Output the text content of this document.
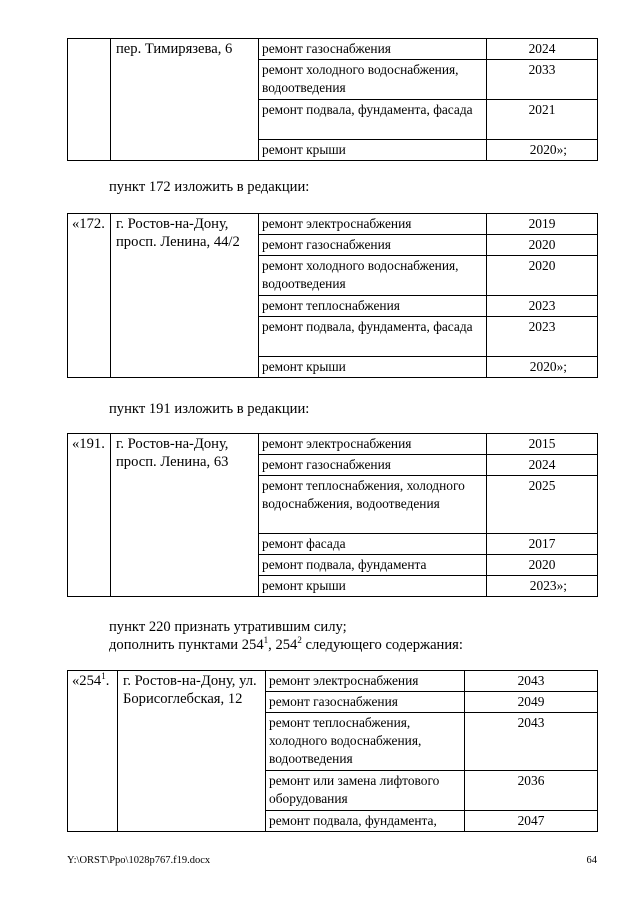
	пер. Тимирязева, 6	ремонт газоснабжения	2024
		ремонт холодного водоснабжения, водоотведения	2033
		ремонт подвала, фундамента, фасада	2021
		ремонт крыши	2020»;
пункт 172 изложить в редакции:
«172.	г. Ростов-на-Дону, просп. Ленина, 44/2	ремонт электроснабжения	2019
		ремонт газоснабжения	2020
		ремонт холодного водоснабжения, водоотведения	2020
		ремонт теплоснабжения	2023
		ремонт подвала, фундамента, фасада	2023
		ремонт крыши	2020»;
пункт 191 изложить в редакции:
«191.	г. Ростов-на-Дону, просп. Ленина, 63	ремонт электроснабжения	2015
		ремонт газоснабжения	2024
		ремонт теплоснабжения, холодного водоснабжения, водоотведения	2025
		ремонт фасада	2017
		ремонт подвала, фундамента	2020
		ремонт крыши	2023»;
пункт 220 признать утратившим силу;
дополнить пунктами $254^1$, $254^2$ следующего содержания:
«$254^1$.	г. Ростов-на-Дону, ул. Борисоглебская, 12	ремонт электроснабжения	2043
		ремонт газоснабжения	2049
		ремонт теплоснабжения, холодного водоснабжения, водоотведения	2043
		ремонт или замена лифтового оборудования	2036
		ремонт подвала, фундамента,	2047
Y:\ORST\Ppo\1028p767.f19.docx	64
